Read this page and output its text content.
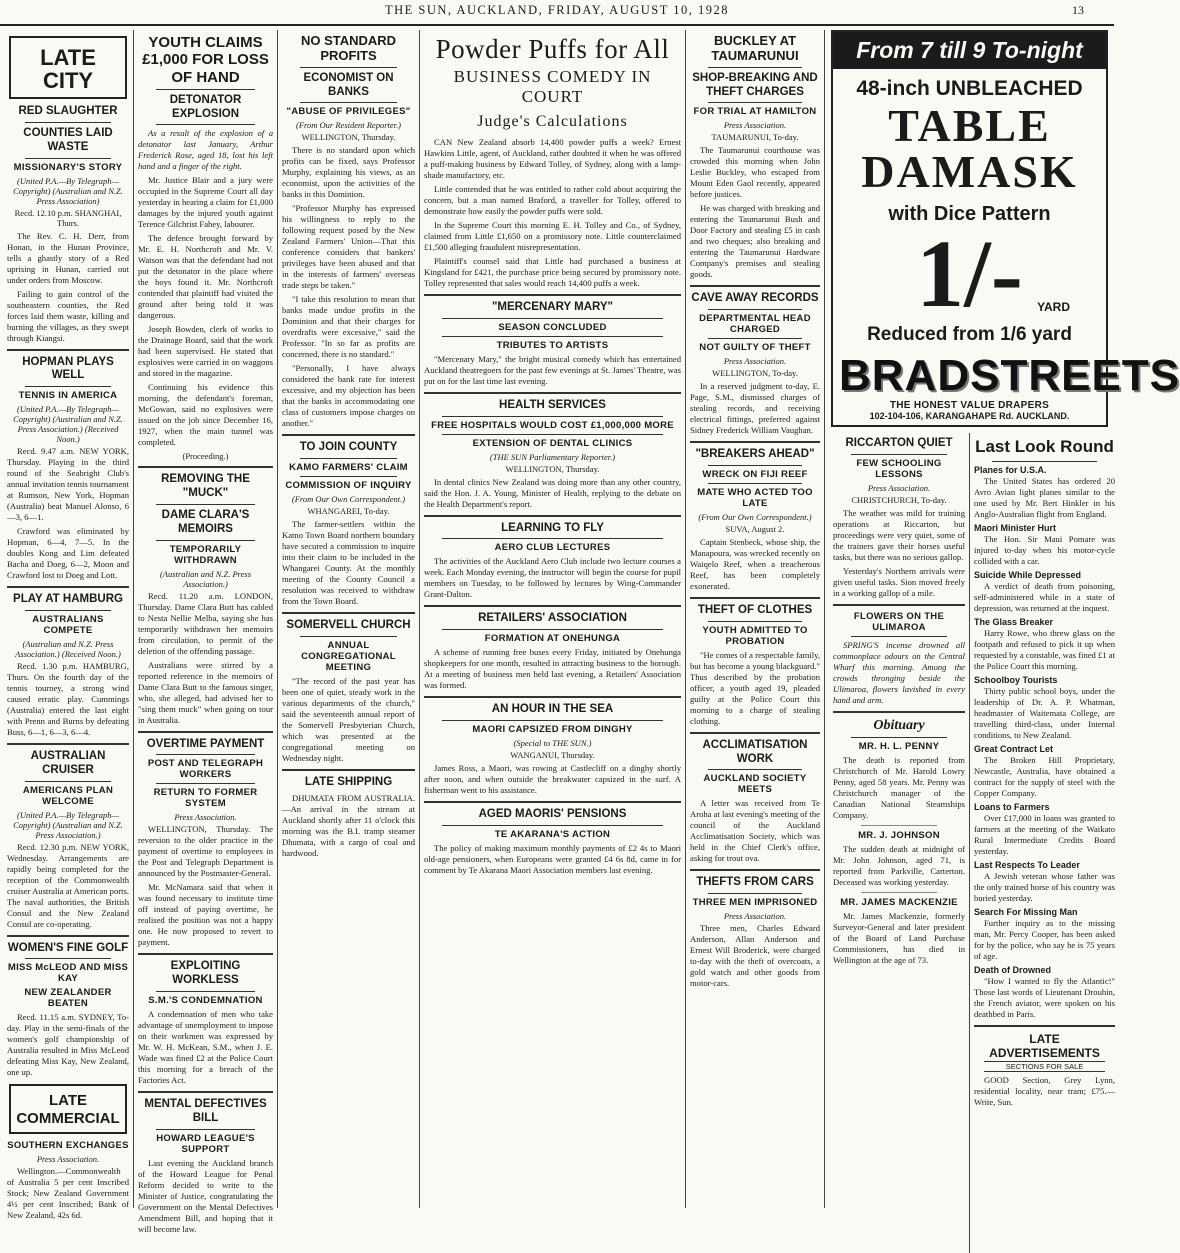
THE SUN, AUCKLAND, FRIDAY, AUGUST 10, 1928	13
LATE CITY
RED SLAUGHTER
COUNTIES LAID WASTE
MISSIONARY'S STORY
(United P.A.—By Telegraph—Copyright) (Australian and N.Z. Press Association)
Recd. 12.10 p.m. SHANGHAI, Thurs.

The Rev. C. H. Derr, from Honan, in the Hunan Province, tells a ghastly story of a Red uprising in Hunan, carried out under orders from Moscow.

Failing to gain control of the southeastern counties, the Red forces laid them waste, killing and burning the villages, as they swept through Kiangsi.

HOPMAN PLAYS WELL
TENNIS IN AMERICA
(United P.A.—By Telegraph—Copyright) (Australian and N.Z. Press Association.) (Received Noon.)

Recd. 9.47 a.m. NEW YORK, Thursday. Playing in the third round of the Seabright Club's annual invitation tennis tournament at Rumson, New York, Hopman (Australia) beat Manuel Alonso, 6—3, 6—1.

Crawford was eliminated by Hopman, 6—4, 7—5. In the doubles Kong and Lim defeated Bacha and Doeg, 6—2, Moon and Crawford lost to Doeg and Lott.

PLAY AT HAMBURG
AUSTRALIANS COMPETE
(Australian and N.Z. Press Association.) (Received Noon.)

Recd. 1.30 p.m. HAMBURG, Thurs. On the fourth day of the tennis tourney, a strong wind caused erratic play. Cummings (Australia) entered the last eight with Prenn and Burns by defeating Buss, 6—1, 6—3, 6—4.

AUSTRALIAN CRUISER
AMERICANS PLAN WELCOME
(United P.A.—By Telegraph—Copyright) (Australian and N.Z. Press Association.)

Recd. 12.30 p.m. NEW YORK, Wednesday. Arrangements are rapidly being completed for the reception of the Commonwealth cruiser Australia at American ports. The naval authorities, the British Consul and the New Zealand Consul are co-operating.

WOMEN'S FINE GOLF
MISS McLEOD AND MISS KAY
NEW ZEALANDER BEATEN

Recd. 11.15 a.m. SYDNEY, To-day. Play in the semi-finals of the women's golf championship of Australia resulted in Miss McLeod defeating Miss Kay, New Zealand, one up.

LATE COMMERCIAL
SOUTHERN EXCHANGES
Press Association.

Wellington.—Commonwealth of Australia 5 per cent Inscribed Stock; New Zealand Government 4½ per cent Inscribed; Bank of New Zealand, 42s 6d.

YOUTH CLAIMS £1,000 FOR LOSS OF HAND
DETONATOR EXPLOSION

As a result of the explosion of a detonator last January, Arthur Frederick Rose, aged 18, lost his left hand and a finger of the right.

Mr. Justice Blair and a jury were occupied in the Supreme Court all day yesterday in hearing a claim for £1,000 damages by the injured youth against Terence Gilchrist Fahey, labourer.

The defence brought forward by Mr. E. H. Northcroft and Mr. V. Watson was that the defendant had not put the detonator in the place where the boys found it. Mr. Northcroft contended that plaintiff had visited the ground after being told it was dangerous.

Joseph Bowden, clerk of works to the Drainage Board, said that the work had been supervised. He stated that explosives were carried in on waggons and stored in the magazine.

Continuing his evidence this morning, the defendant's foreman, McGowan, said no explosives were issued on the job since December 16, 1927, when the main tunnel was completed.

(Proceeding.)
REMOVING THE "MUCK"
DAME CLARA'S MEMOIRS
TEMPORARILY WITHDRAWN
(Australian and N.Z. Press Association.)

Recd. 11.20 a.m. LONDON, Thursday. Dame Clara Butt has cabled to Nesta Nellie Melba, saying she has temporarily withdrawn her memoirs from circulation, to permit of the deletion of the offending passage.

Australians were stirred by a reported reference in the memoirs of Dame Clara Butt to the famous singer, who, she alleged, had advised her to "sing them muck" when going on tour in Australia.

OVERTIME PAYMENT
POST AND TELEGRAPH WORKERS
RETURN TO FORMER SYSTEM
Press Association.

WELLINGTON, Thursday. The reversion to the older practice in the payment of overtime to employees in the Post and Telegraph Department is announced by the Postmaster-General.

Mr. McNamara said that when it was found necessary to institute time off instead of paying overtime, he realised the position was not a happy one. He now proposed to revert to payment.

EXPLOITING WORKLESS
S.M.'S CONDEMNATION

A condemnation of men who take advantage of unemployment to impose on their workmen was expressed by Mr. W. H. McKean, S.M., when J. E. Wade was fined £2 at the Police Court this morning for a breach of the Factories Act.

MENTAL DEFECTIVES BILL
HOWARD LEAGUE'S SUPPORT

Last evening the Auckland branch of the Howard League for Penal Reform decided to write to the Minister of Justice, congratulating the Government on the Mental Defectives Amendment Bill, and hoping that it will become law.

NO STANDARD PROFITS
ECONOMIST ON BANKS
"ABUSE OF PRIVILEGES"
(From Our Resident Reporter.)
WELLINGTON, Thursday.

There is no standard upon which profits can be fixed, says Professor Murphy, explaining his views, as an economist, upon the activities of the banks in this Dominion.

"Professor Murphy has expressed his willingness to reply to the following request posed by the New Zealand Farmers' Union—That this conference considers that bankers' privileges have been abused and that in the interests of farmers' overseas trade steps be taken."

"I take this resolution to mean that banks made undue profits in the Dominion and that their charges for overdrafts were excessive," said the Professor. "In so far as profits are concerned, there is no standard."

"Personally, I have always considered the bank rate for interest excessive, and my objection has been that the banks in accommodating one class of customers impose charges on another."

TO JOIN COUNTY
KAMO FARMERS' CLAIM
COMMISSION OF INQUIRY
(From Our Own Correspondent.)
WHANGAREI, To-day.

The farmer-settlers within the Kamo Town Board northern boundary have secured a commission to inquire into their claim to be included in the Whangarei County. At the monthly meeting of the County Council a resolution was received to withdraw from the Town Board.

SOMERVELL CHURCH
ANNUAL CONGREGATIONAL MEETING

"The record of the past year has been one of quiet, steady work in the various departments of the church," said the seventeenth annual report of the Somervell Presbyterian Church, which was presented at the congregational meeting on Wednesday night.

LATE SHIPPING

DHUMATA FROM AUSTRALIA.—An arrival in the stream at Auckland shortly after 11 o'clock this morning was the B.I. tramp steamer Dhumata, with a cargo of coal and hardwood.

Powder Puffs for All
BUSINESS COMEDY IN COURT
Judge's Calculations

CAN New Zealand absorb 14,400 powder puffs a week? Ernest Hawkins Little, agent, of Auckland, rather doubted it when he was offered a puff-making business by Edward Tolley, of Sydney, along with a lamp-shade manufactory, etc.

Little contended that he was entitled to rather cold about acquiring the concern, but a man named Braford, a traveller for Tolley, offered to demonstrate how easily the powder puffs were sold.

In the Supreme Court this morning E. H. Tolley and Co., of Sydney, claimed from Little £1,650 on a promissory note. Little counterclaimed £1,500 alleging fraudulent misrepresentation.

Plaintiff's counsel said that Little had purchased a business at Kingsland for £421, the purchase price being secured by promissory note. Tolley represented that sales would reach 14,400 puffs a week.

"MERCENARY MARY"
SEASON CONCLUDED
TRIBUTES TO ARTISTS

"Mercenary Mary," the bright musical comedy which has entertained Auckland theatregoers for the past few evenings at St. James' Theatre, was put on for the last time last evening.

HEALTH SERVICES
FREE HOSPITALS WOULD COST £1,000,000 MORE
EXTENSION OF DENTAL CLINICS
(THE SUN Parliamentary Reporter.)
WELLINGTON, Thursday.

In dental clinics New Zealand was doing more than any other country, said the Hon. J. A. Young, Minister of Health, replying to the debate on the Health Department's report.

LEARNING TO FLY
AERO CLUB LECTURES

The activities of the Auckland Aero Club include two lecture courses a week. Each Monday evening, the instructor will begin the course for pupil members on Tuesday, to be followed by lectures by Wing-Commander Grant-Dalton.

RETAILERS' ASSOCIATION
FORMATION AT ONEHUNGA

A scheme of running free buses every Friday, initiated by Onehunga shopkeepers for one month, resulted in attracting business to the borough. At a meeting of business men held last evening, a Retailers' Association was formed.

AN HOUR IN THE SEA
MAORI CAPSIZED FROM DINGHY
(Special to THE SUN.)
WANGANUI, Thursday.

James Ross, a Maori, was rowing at Castlecliff on a dinghy shortly after noon, and when outside the breakwater capsized in the surf. A fisherman went to his assistance.

AGED MAORIS' PENSIONS
TE AKARANA'S ACTION

The policy of making maximum monthly payments of £2 4s to Maori old-age pensioners, when Europeans were granted £4 6s 8d, came in for comment by Te Akarana Maori Association members last evening.

BUCKLEY AT TAUMARUNUI
SHOP-BREAKING AND THEFT CHARGES
FOR TRIAL AT HAMILTON
Press Association.
TAUMARUNUI, To-day.

The Taumarunui courthouse was crowded this morning when John Leslie Buckley, who escaped from Mount Eden Gaol recently, appeared before justices.

He was charged with breaking and entering the Taumarunui Bush and Door Factory and stealing £5 in cash and two cheques; also breaking and entering the Taumarunui Hardware Company's premises and stealing goods.

CAVE AWAY RECORDS
DEPARTMENTAL HEAD CHARGED
NOT GUILTY OF THEFT
Press Association.
WELLINGTON, To-day.

In a reserved judgment to-day, E. Page, S.M., dismissed charges of stealing records, and receiving electrical fittings, preferred against Sidney Frederick William Vaughan.

"BREAKERS AHEAD"
WRECK ON FIJI REEF
MATE WHO ACTED TOO LATE
(From Our Own Correspondent.)
SUVA, August 2.

Captain Stenbeck, whose ship, the Manapoura, was wrecked recently on Waiqelo Reef, when a treacherous Reef, has been completely exonerated.

THEFT OF CLOTHES
YOUTH ADMITTED TO PROBATION

"He comes of a respectable family, but has become a young blackguard." Thus described by the probation officer, a youth aged 19, pleaded guilty at the Police Court this morning to a charge of stealing clothing.

ACCLIMATISATION WORK
AUCKLAND SOCIETY MEETS

A letter was received from Te Aroha at last evening's meeting of the council of the Auckland Acclimatisation Society, which was held in the Chief Clerk's office, asking for trout ova.

THEFTS FROM CARS
THREE MEN IMPRISONED
Press Association.

Three men, Charles Edward Anderson, Allan Anderson and Ernest Will Broderick, were charged to-day with the theft of overcoats, a gold watch and other goods from motor-cars.

From 7 till 9 To-night
48-inch UNBLEACHED
TABLE DAMASK
with Dice Pattern
1/- YARD
Reduced from 1/6 yard
BRADSTREETS
THE HONEST VALUE DRAPERS
102-104-106, KARANGAHAPE Rd. AUCKLAND.
RICCARTON QUIET
FEW SCHOOLING LESSONS
Press Association.
CHRISTCHURCH, To-day.

The weather was mild for training operations at Riccarton, but proceedings were very quiet, some of the trainers gave their horses useful tasks, but there was no serious gallop.

Yesterday's Northern arrivals were given useful tasks. Sion moved freely in a working gallop of a mile.

FLOWERS ON THE ULIMAROA

SPRING'S incense drowned all commonplace odours on the Central Wharf this morning. Among the crowds thronging beside the Ulimaroa, flowers lavished in every hand and arm.

Obituary
MR. H. L. PENNY

The death is reported from Christchurch of Mr. Harold Lowry Penny, aged 58 years. Mr. Penny was Christchurch manager of the Canadian National Steamships Company.

MR. J. JOHNSON

The sudden death at midnight of Mr. John Johnson, aged 71, is reported from Parkville, Carterton. Deceased was working yesterday.

MR. JAMES MACKENZIE

Mr. James Mackenzie, formerly Surveyor-General and later president of the Board of Land Purchase Commissioners, has died in Wellington at the age of 73.

Last Look Round
Planes for U.S.A.

The United States has ordered 20 Avro Avian light planes similar to the one used by Mr. Bert Hinkler in his Anglo-Australian flight from England.

Maori Minister Hurt

The Hon. Sir Maui Pomare was injured to-day when his motor-cycle collided with a car.

Suicide While Depressed

A verdict of death from poisoning, self-administered while in a state of depression, was returned at the inquest.

The Glass Breaker

Harry Rowe, who threw glass on the footpath and refused to pick it up when requested by a constable, was fined £1 at the Police Court this morning.

Schoolboy Tourists

Thirty public school boys, under the leadership of Dr. A. P. Whatman, headmaster of Waitemata College, are travelling third-class, under Internal conditions, to New Zealand.

Great Contract Let

The Broken Hill Proprietary, Newcastle, Australia, have obtained a contract for the supply of steel with the Copper Company.

Loans to Farmers

Over £17,000 in loans was granted to farmers at the meeting of the Waikato Rural Intermediate Credits Board yesterday.

Last Respects To Leader

A Jewish veteran whose father was the only trained horse of his country was buried yesterday.

Search For Missing Man

Further inquiry as to the missing man, Mr. Percy Cooper, has been asked for by the police, who say he is 75 years of age.

Death of Drowned

"How I wanted to fly the Atlantic!" Those last words of Lieutenant Drouhin, the French aviator, were spoken on his deathbed in Paris.

LATE ADVERTISEMENTS
SECTIONS FOR SALE

GOOD Section, Grey Lynn, residential locality, near tram; £75.—Write, Sun.
